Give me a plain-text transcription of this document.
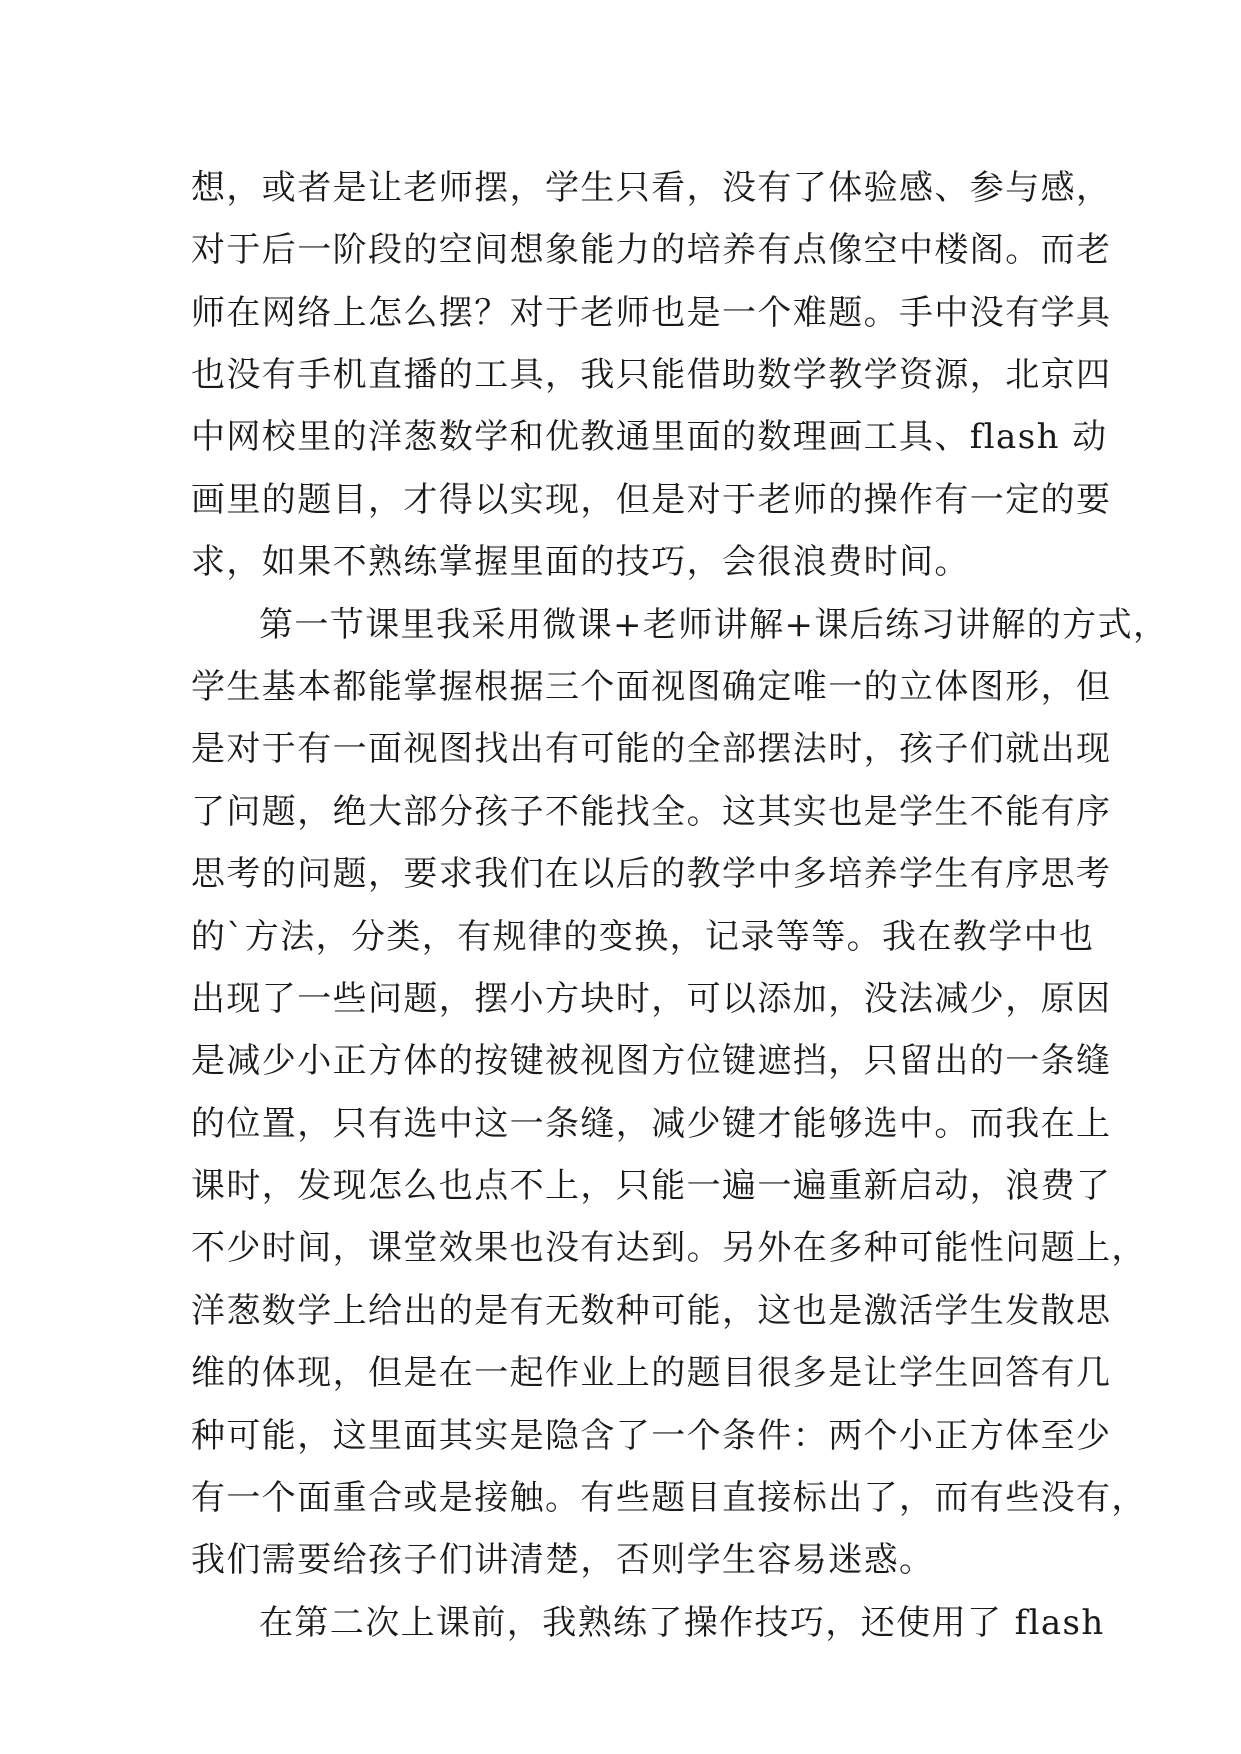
想，或者是让老师摆，学生只看，没有了体验感、参与感，
对于后一阶段的空间想象能力的培养有点像空中楼阁。而老
师在网络上怎么摆？对于老师也是一个难题。手中没有学具
也没有手机直播的工具，我只能借助数学教学资源，北京四
中网校里的洋葱数学和优教通里面的数理画工具、flash 动
画里的题目，才得以实现，但是对于老师的操作有一定的要
求，如果不熟练掌握里面的技巧，会很浪费时间。
第一节课里我采用微课+老师讲解+课后练习讲解的方式，
学生基本都能掌握根据三个面视图确定唯一的立体图形，但
是对于有一面视图找出有可能的全部摆法时，孩子们就出现
了问题，绝大部分孩子不能找全。这其实也是学生不能有序
思考的问题，要求我们在以后的教学中多培养学生有序思考
的`方法，分类，有规律的变换，记录等等。我在教学中也
出现了一些问题，摆小方块时，可以添加，没法减少，原因
是减少小正方体的按键被视图方位键遮挡，只留出的一条缝
的位置，只有选中这一条缝，减少键才能够选中。而我在上
课时，发现怎么也点不上，只能一遍一遍重新启动，浪费了
不少时间，课堂效果也没有达到。另外在多种可能性问题上，
洋葱数学上给出的是有无数种可能，这也是激活学生发散思
维的体现，但是在一起作业上的题目很多是让学生回答有几
种可能，这里面其实是隐含了一个条件：两个小正方体至少
有一个面重合或是接触。有些题目直接标出了，而有些没有，
我们需要给孩子们讲清楚，否则学生容易迷惑。
在第二次上课前，我熟练了操作技巧，还使用了 flash
